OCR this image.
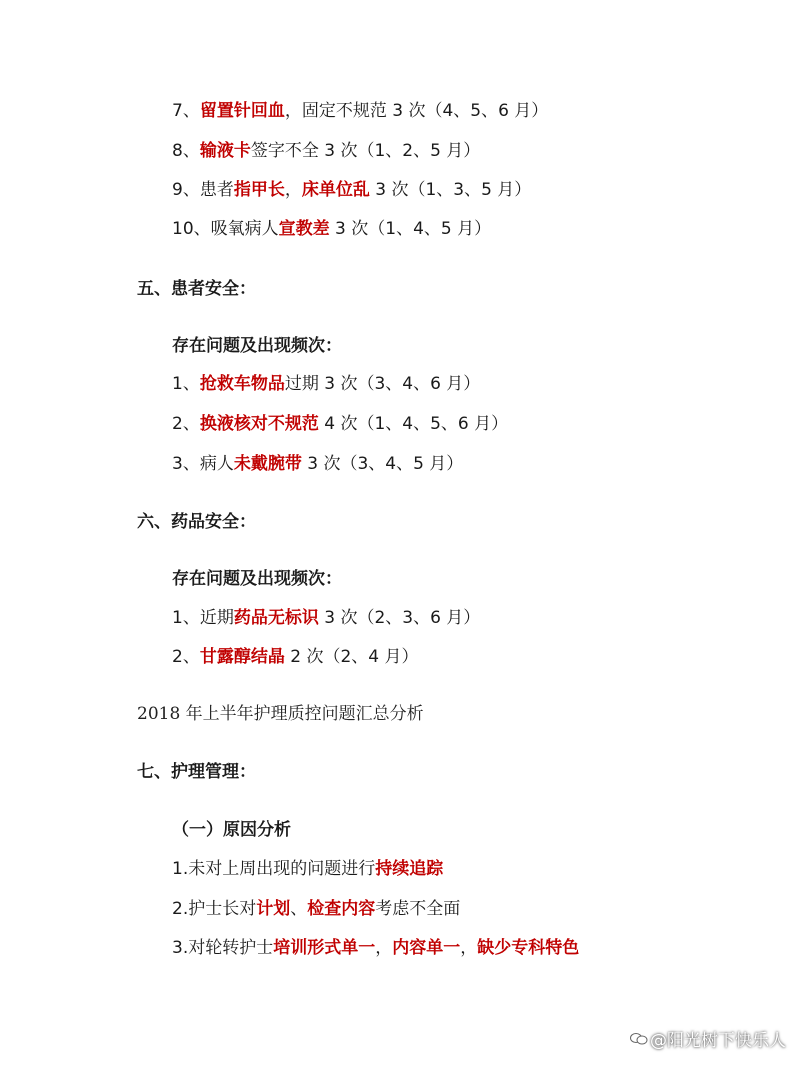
7、留置针回血，固定不规范 3 次（4、5、6 月）
8、输液卡签字不全 3 次（1、2、5 月）
9、患者指甲长，床单位乱 3 次（1、3、5 月）
10、吸氧病人宣教差 3 次（1、4、5 月）
五、患者安全：
存在问题及出现频次：
1、抢救车物品过期 3 次（3、4、6 月）
2、换液核对不规范 4 次（1、4、5、6 月）
3、病人未戴腕带 3 次（3、4、5 月）
六、药品安全：
存在问题及出现频次：
1、近期药品无标识 3 次（2、3、6 月）
2、甘露醇结晶 2 次（2、4 月）
2018 年上半年护理质控问题汇总分析
七、护理管理：
（一）原因分析
1.未对上周出现的问题进行持续追踪
2.护士长对计划、检查内容考虑不全面
3.对轮转护士培训形式单一，内容单一，缺少专科特色
@阳光树下快乐人
